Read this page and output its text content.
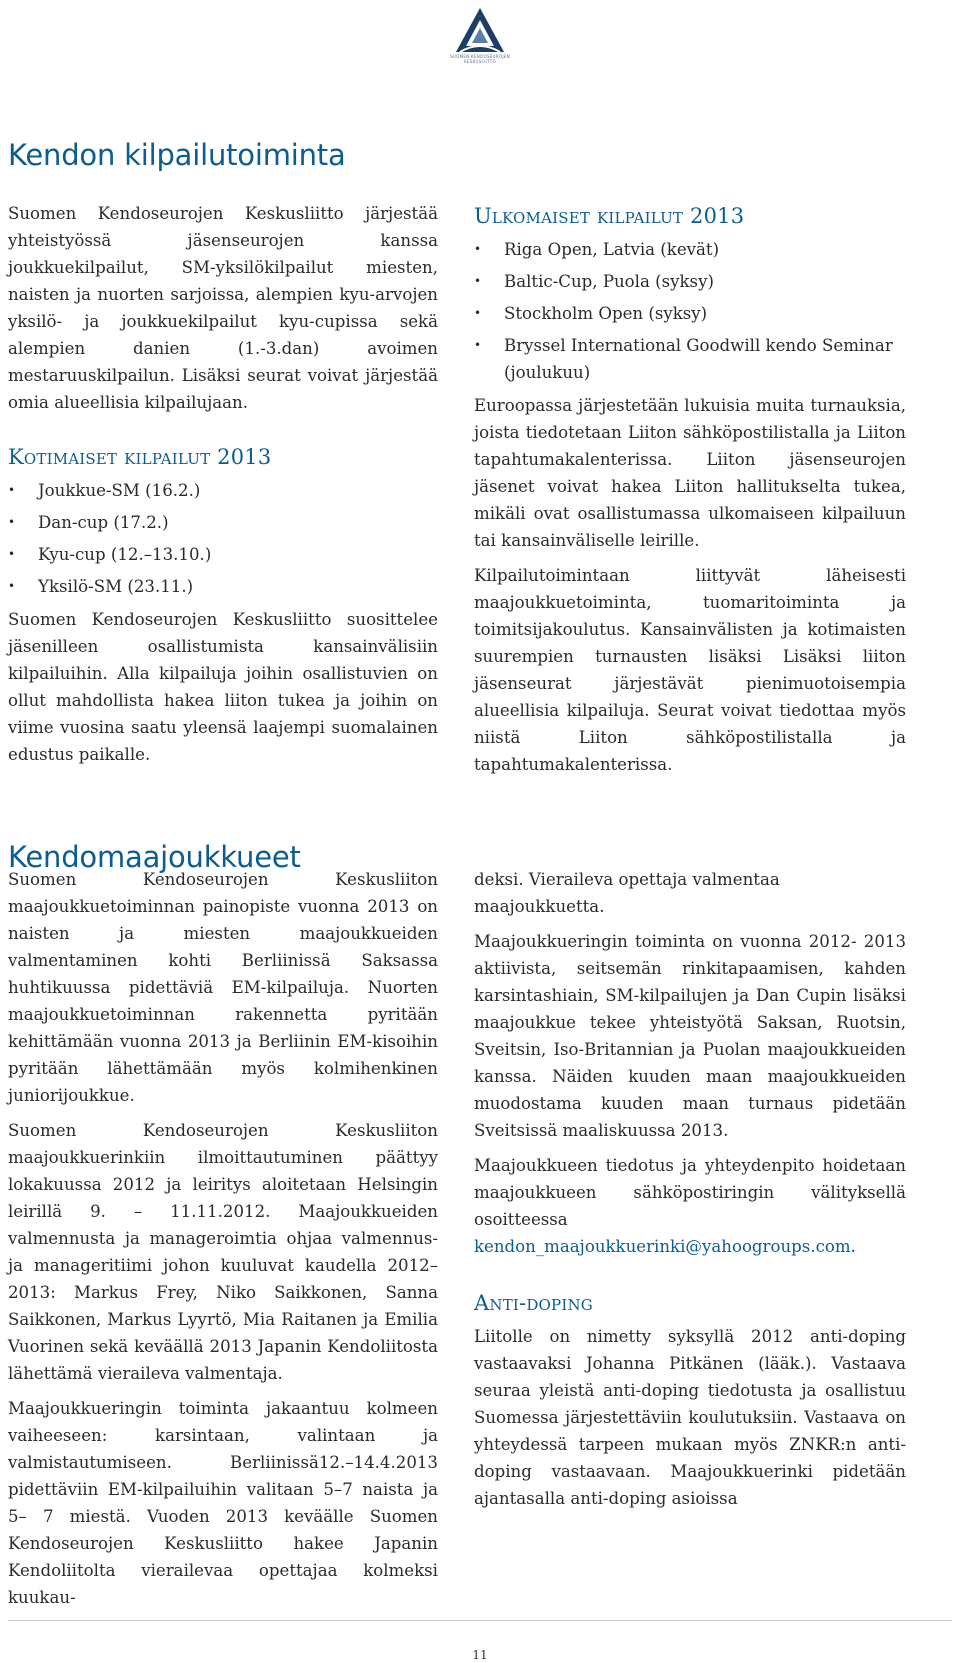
SUOMEN KENDOSEUROJEN KESKUSLIITTO
Kendon kilpailutoiminta

Suomen Kendoseurojen Keskusliitto järjestää yhteistyössä jäsenseurojen kanssa joukkuekilpailut, SM-yksilökilpailut miesten, naisten ja nuorten sarjoissa, alempien kyu-arvojen yksilö- ja joukkuekilpailut kyu-cupissa sekä alempien danien (1.-3.dan) avoimen mestaruuskilpailun. Lisäksi seurat voivat järjestää omia alueellisia kilpailujaan.

Kotimaiset kilpailut 2013
• Joukkue-SM (16.2.)
• Dan-cup (17.2.)
• Kyu-cup (12.–13.10.)
• Yksilö-SM (23.11.)

Suomen Kendoseurojen Keskusliitto suosittelee jäsenilleen osallistumista kansainvälisiin kilpailuihin. Alla kilpailuja joihin osallistuvien on ollut mahdollista hakea liiton tukea ja joihin on viime vuosina saatu yleensä laajempi suomalainen edustus paikalle.

Ulkomaiset kilpailut 2013
• Riga Open, Latvia (kevät)
• Baltic-Cup, Puola (syksy)
• Stockholm Open (syksy)
• Bryssel International Goodwill kendo Seminar (joulukuu)

Euroopassa järjestetään lukuisia muita turnauksia, joista tiedotetaan Liiton sähköpostilistalla ja Liiton tapahtumakalenterissa. Liiton jäsenseurojen jäsenet voivat hakea Liiton hallitukselta tukea, mikäli ovat osallistumassa ulkomaiseen kilpailuun tai kansainväliselle leirille.

Kilpailutoimintaan liittyvät läheisesti maajoukkuetoiminta, tuomaritoiminta ja toimitsijakoulutus. Kansainvälisten ja kotimaisten suurempien turnausten lisäksi Lisäksi liiton jäsenseurat järjestävät pienimuotoisempia alueellisia kilpailuja. Seurat voivat tiedottaa myös niistä Liiton sähköpostilistalla ja tapahtumakalenterissa.

Kendomaajoukkueet

Suomen Kendoseurojen Keskusliiton maajoukkuetoiminnan painopiste vuonna 2013 on naisten ja miesten maajoukkueiden valmentaminen kohti Berliinissä Saksassa huhtikuussa pidettäviä EM-kilpailuja. Nuorten maajoukkuetoiminnan rakennetta pyritään kehittämään vuonna 2013 ja Berliinin EM-kisoihin pyritään lähettämään myös kolmihenkinen juniorijoukkue.

Suomen Kendoseurojen Keskusliiton maajoukkuerinkiin ilmoittautuminen päättyy lokakuussa 2012 ja leiritys aloitetaan Helsingin leirillä 9. – 11.11.2012. Maajoukkueiden valmennusta ja manageroimtia ohjaa valmennus- ja manageritiimi johon kuuluvat kaudella 2012–2013: Markus Frey, Niko Saikkonen, Sanna Saikkonen, Markus Lyyrtö, Mia Raitanen ja Emilia Vuorinen sekä keväällä 2013 Japanin Kendoliitosta lähettämä vieraileva valmentaja.

Maajoukkueringin toiminta jakaantuu kolmeen vaiheeseen: karsintaan, valintaan ja valmistautumiseen. Berliinissä12.–14.4.2013 pidettäviin EM-kilpailuihin valitaan 5–7 naista ja 5– 7 miestä. Vuoden 2013 keväälle Suomen Kendoseurojen Keskusliitto hakee Japanin Kendoliitolta vierailevaa opettajaa kolmeksi kuukau-

deksi. Vieraileva opettaja valmentaa maajoukkuetta.

Maajoukkueringin toiminta on vuonna 2012- 2013 aktiivista, seitsemän rinkitapaamisen, kahden karsintashiain, SM-kilpailujen ja Dan Cupin lisäksi maajoukkue tekee yhteistyötä Saksan, Ruotsin, Sveitsin, Iso-Britannian ja Puolan maajoukkueiden kanssa. Näiden kuuden maan maajoukkueiden muodostama kuuden maan turnaus pidetään Sveitsissä maaliskuussa 2013.

Maajoukkueen tiedotus ja yhteydenpito hoidetaan maajoukkueen sähköpostiringin välityksellä osoitteessa kendon_maajoukkuerinki@yahoogroups.com.

Anti-doping

Liitolle on nimetty syksyllä 2012 anti-doping vastaavaksi Johanna Pitkänen (lääk.). Vastaava seuraa yleistä anti-doping tiedotusta ja osallistuu Suomessa järjestettäviin koulutuksiin. Vastaava on yhteydessä tarpeen mukaan myös ZNKR:n anti-doping vastaavaan. Maajoukkuerinki pidetään ajantasalla anti-doping asioissa

11
